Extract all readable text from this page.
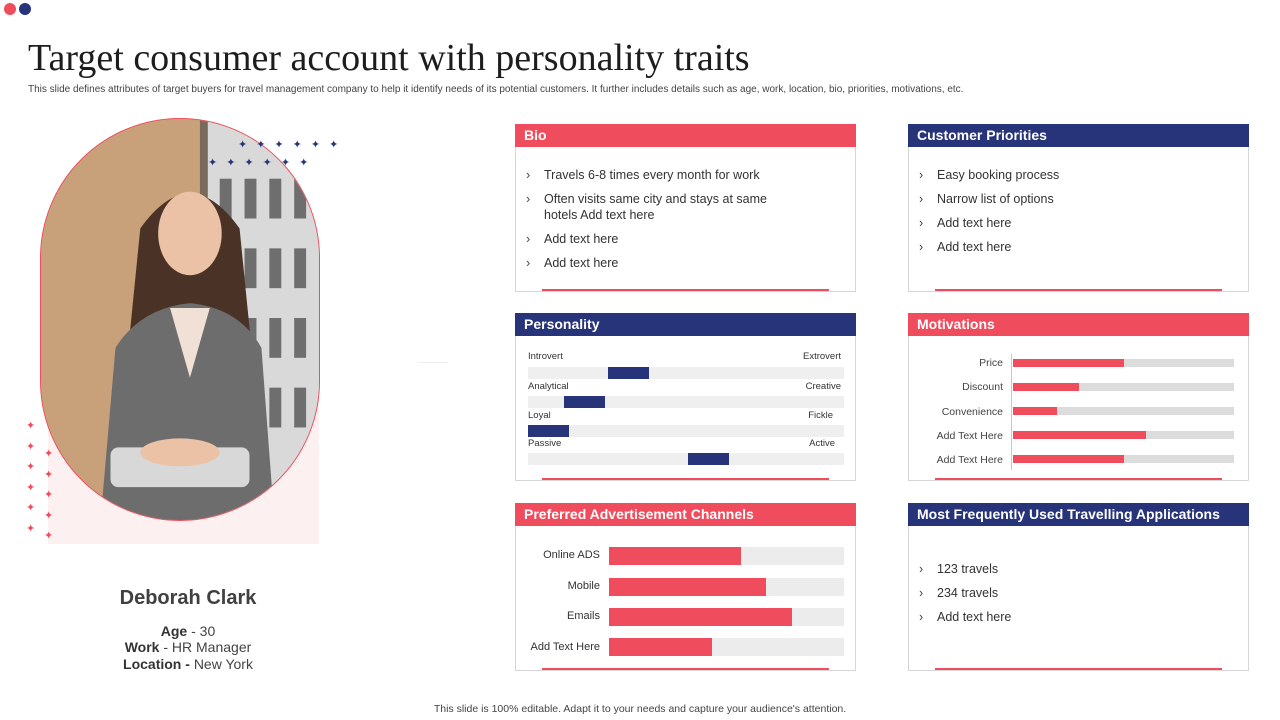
Target consumer account with personality traits
This slide defines attributes of target buyers for travel management company to help it identify needs of its potential customers. It further includes details such as age, work, location, bio, priorities, motivations, etc.
✦✦✦✦✦✦
✦✦✦✦✦✦
✦
✦
✦
✦
✦
✦
✦
✦
✦
✦
✦
Deborah Clark
Age - 30
Work - HR Manager
Location - New York
Bio
› Travels 6-8 times every month for work
› Often visits same city and stays at same hotels Add text here
› Add text here
› Add text here
Customer Priorities
› Easy booking process
› Narrow list of options
› Add text here
› Add text here
Personality
Introvert	Extrovert
Analytical	Creative
Loyal	Fickle
Passive	Active
Motivations
Price
Discount
Convenience
Add Text Here
Add Text Here
Preferred Advertisement Channels
Online ADS
Mobile
Emails
Add Text Here
Most Frequently Used Travelling Applications
› 123 travels
› 234 travels
› Add text here
This slide is 100% editable. Adapt it to your needs and capture your audience's attention.
